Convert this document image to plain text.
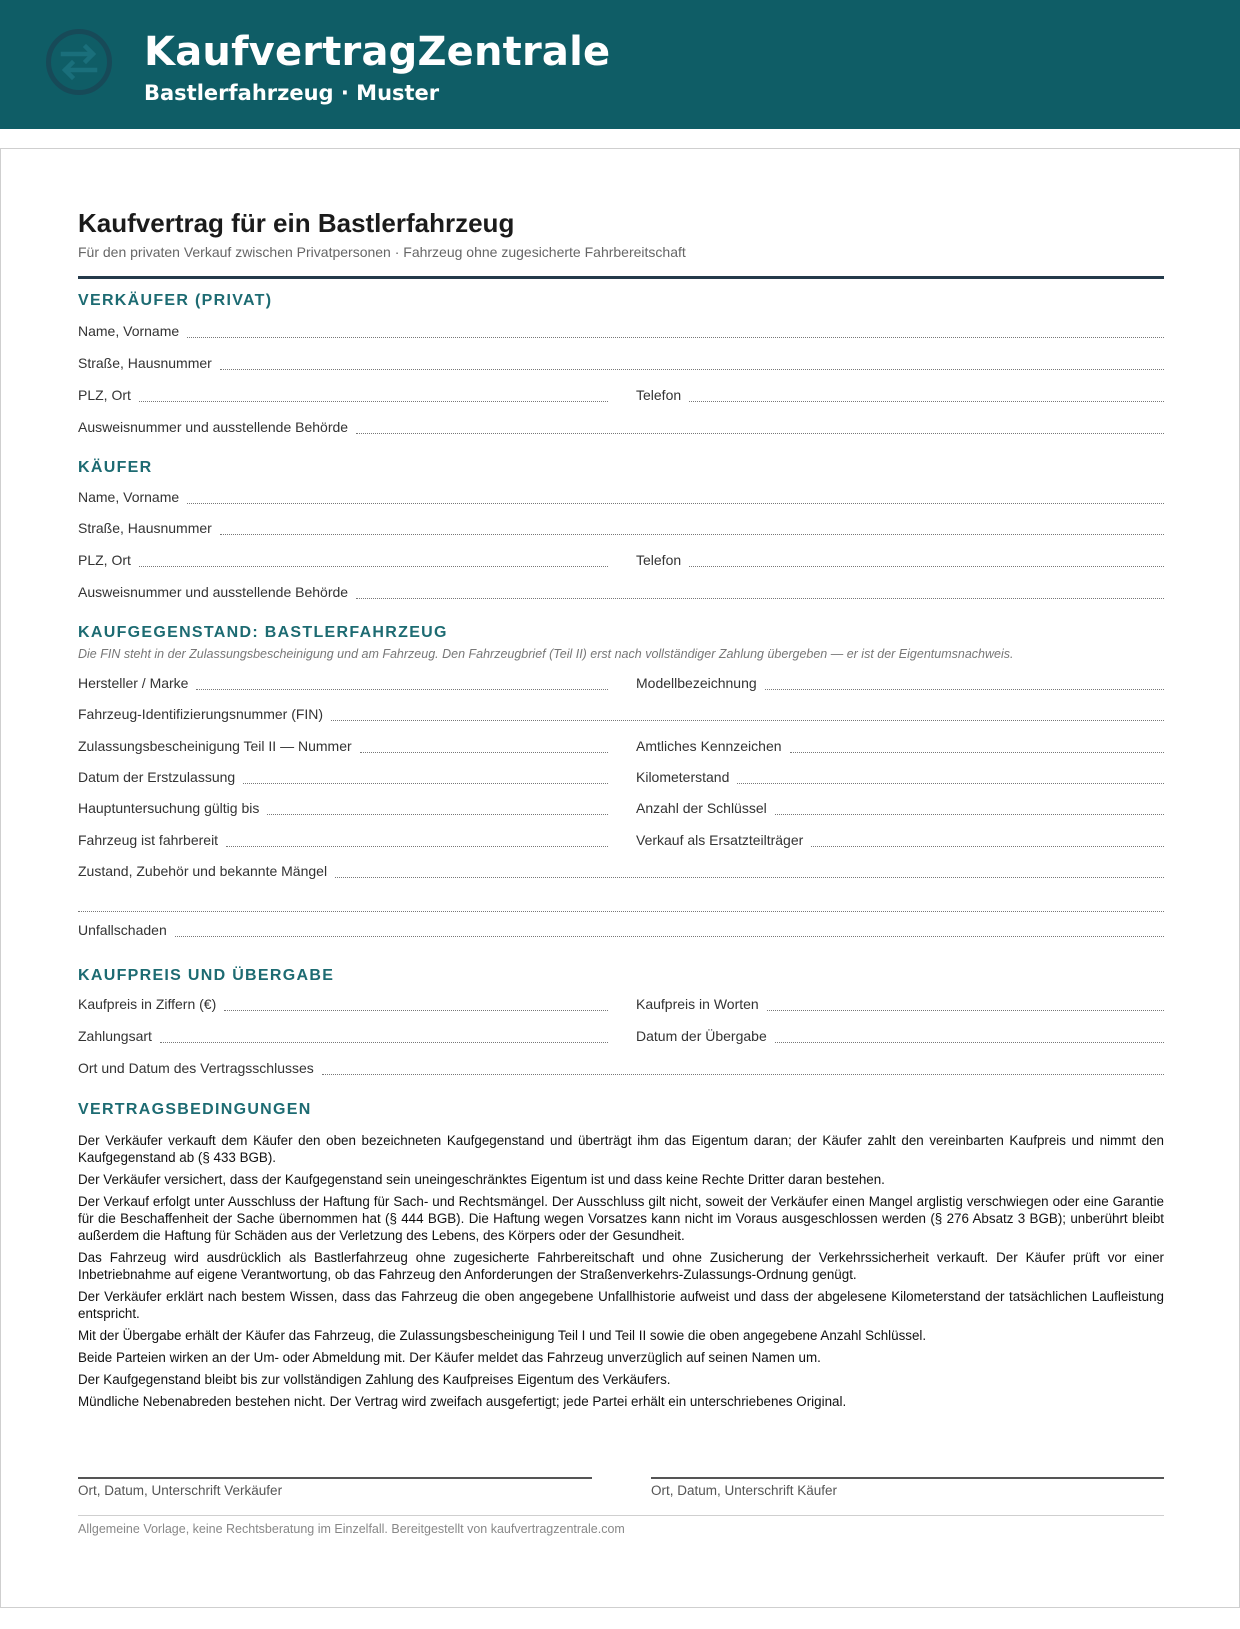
KaufvertragZentrale
Bastlerfahrzeug · Muster
Kaufvertrag für ein Bastlerfahrzeug
Für den privaten Verkauf zwischen Privatpersonen · Fahrzeug ohne zugesicherte Fahrbereitschaft
VERKÄUFER (PRIVAT)
Name, Vorname
Straße, Hausnummer
PLZ, Ort	Telefon
Ausweisnummer und ausstellende Behörde
KÄUFER
Name, Vorname
Straße, Hausnummer
PLZ, Ort	Telefon
Ausweisnummer und ausstellende Behörde
KAUFGEGENSTAND: BASTLERFAHRZEUG
Die FIN steht in der Zulassungsbescheinigung und am Fahrzeug. Den Fahrzeugbrief (Teil II) erst nach vollständiger Zahlung übergeben — er ist der Eigentumsnachweis.
Hersteller / Marke	Modellbezeichnung
Fahrzeug-Identifizierungsnummer (FIN)
Zulassungsbescheinigung Teil II — Nummer	Amtliches Kennzeichen
Datum der Erstzulassung	Kilometerstand
Hauptuntersuchung gültig bis	Anzahl der Schlüssel
Fahrzeug ist fahrbereit	Verkauf als Ersatzteilträger
Zustand, Zubehör und bekannte Mängel
Unfallschaden
KAUFPREIS UND ÜBERGABE
Kaufpreis in Ziffern (€)	Kaufpreis in Worten
Zahlungsart	Datum der Übergabe
Ort und Datum des Vertragsschlusses
VERTRAGSBEDINGUNGEN

Der Verkäufer verkauft dem Käufer den oben bezeichneten Kaufgegenstand und überträgt ihm das Eigentum daran; der Käufer zahlt den vereinbarten Kaufpreis und nimmt den Kaufgegenstand ab (§ 433 BGB).

Der Verkäufer versichert, dass der Kaufgegenstand sein uneingeschränktes Eigentum ist und dass keine Rechte Dritter daran bestehen.

Der Verkauf erfolgt unter Ausschluss der Haftung für Sach- und Rechtsmängel. Der Ausschluss gilt nicht, soweit der Verkäufer einen Mangel arglistig verschwiegen oder eine Garantie für die Beschaffenheit der Sache übernommen hat (§ 444 BGB). Die Haftung wegen Vorsatzes kann nicht im Voraus ausgeschlossen werden (§ 276 Absatz 3 BGB); unberührt bleibt außerdem die Haftung für Schäden aus der Verletzung des Lebens, des Körpers oder der Gesundheit.

Das Fahrzeug wird ausdrücklich als Bastlerfahrzeug ohne zugesicherte Fahrbereitschaft und ohne Zusicherung der Verkehrssicherheit verkauft. Der Käufer prüft vor einer Inbetriebnahme auf eigene Verantwortung, ob das Fahrzeug den Anforderungen der Straßenverkehrs-Zulassungs-Ordnung genügt.

Der Verkäufer erklärt nach bestem Wissen, dass das Fahrzeug die oben angegebene Unfallhistorie aufweist und dass der abgelesene Kilometerstand der tatsächlichen Laufleistung entspricht.

Mit der Übergabe erhält der Käufer das Fahrzeug, die Zulassungsbescheinigung Teil I und Teil II sowie die oben angegebene Anzahl Schlüssel.

Beide Parteien wirken an der Um- oder Abmeldung mit. Der Käufer meldet das Fahrzeug unverzüglich auf seinen Namen um.

Der Kaufgegenstand bleibt bis zur vollständigen Zahlung des Kaufpreises Eigentum des Verkäufers.

Mündliche Nebenabreden bestehen nicht. Der Vertrag wird zweifach ausgefertigt; jede Partei erhält ein unterschriebenes Original.

Ort, Datum, Unterschrift Verkäufer	Ort, Datum, Unterschrift Käufer
Allgemeine Vorlage, keine Rechtsberatung im Einzelfall. Bereitgestellt von kaufvertragzentrale.com
